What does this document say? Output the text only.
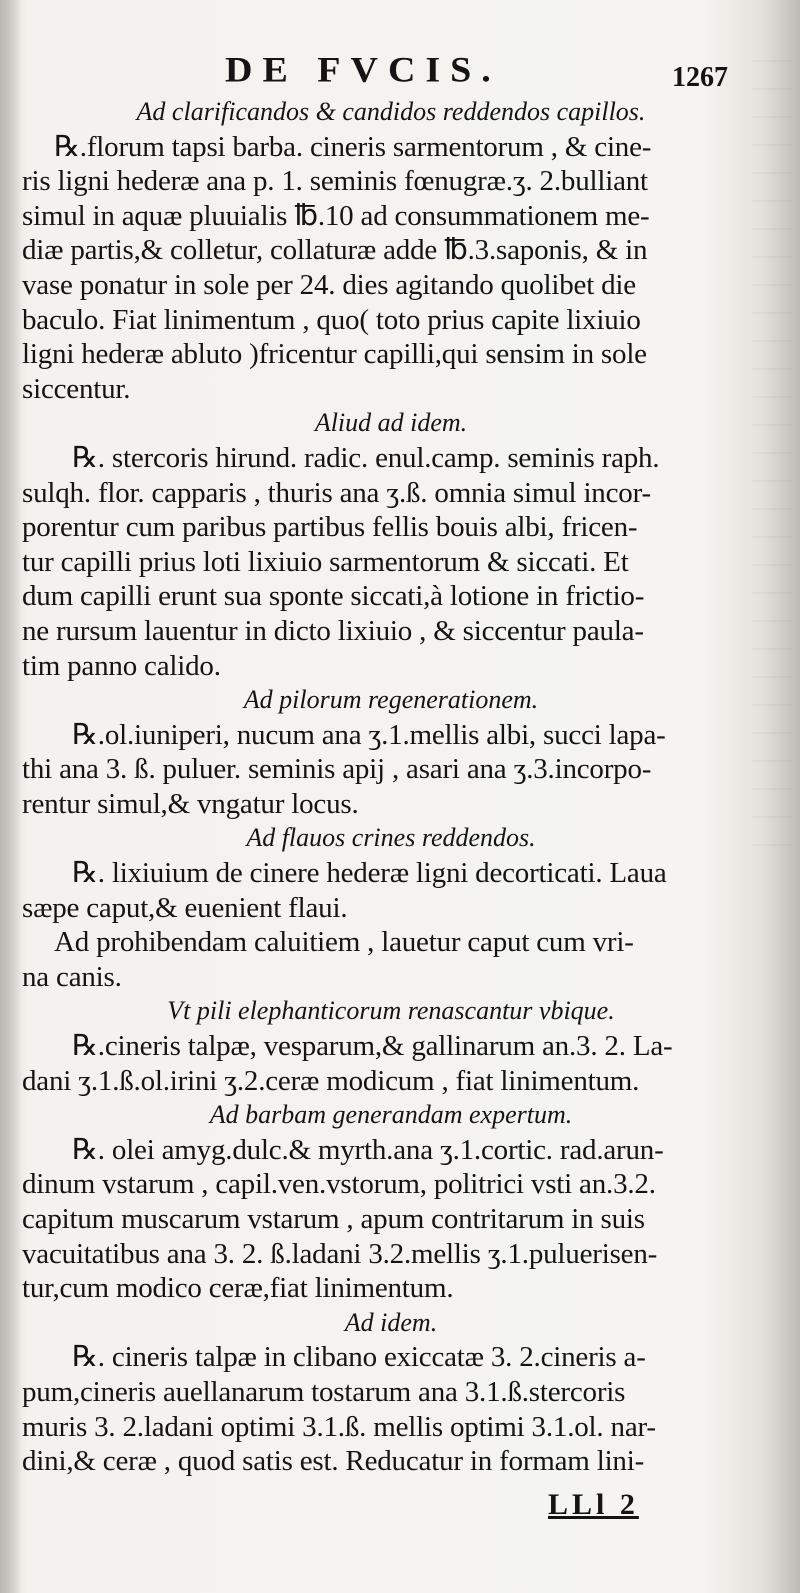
DE FVCIS.	1267
Ad clarificandos & candidos reddendos capillos.
℞.florum tapsi barba. cineris sarmentorum , & cine-
ris ligni hederæ ana p. 1. seminis fœnugræ.ʒ. 2.bulliant
simul in aquæ pluuialis ℔.10 ad consummationem me-
diæ partis,& colletur, collaturæ adde ℔.3.saponis, & in
vase ponatur in sole per 24. dies agitando quolibet die
baculo. Fiat linimentum , quo( toto prius capite lixiuio
ligni hederæ abluto )fricentur capilli,qui sensim in sole
siccentur.
Aliud ad idem.
℞. stercoris hirund. radic. enul.camp. seminis raph.
sulqh. flor. capparis , thuris ana ʒ.ß. omnia simul incor-
porentur cum paribus partibus fellis bouis albi, fricen-
tur capilli prius loti lixiuio sarmentorum & siccati. Et
dum capilli erunt sua sponte siccati,à lotione in frictio-
ne rursum lauentur in dicto lixiuio , & siccentur paula-
tim panno calido.
Ad pilorum regenerationem.
℞.ol.iuniperi, nucum ana ʒ.1.mellis albi, succi lapa-
thi ana 3. ß. puluer. seminis apij , asari ana ʒ.3.incorpo-
rentur simul,& vngatur locus.
Ad flauos crines reddendos.
℞. lixiuium de cinere hederæ ligni decorticati. Laua
sæpe caput,& euenient flaui.
Ad prohibendam caluitiem , lauetur caput cum vri-
na canis.
Vt pili elephanticorum renascantur vbique.
℞.cineris talpæ, vesparum,& gallinarum an.3. 2. La-
dani ʒ.1.ß.ol.irini ʒ.2.ceræ modicum , fiat linimentum.
Ad barbam generandam expertum.
℞. olei amyg.dulc.& myrth.ana ʒ.1.cortic. rad.arun-
dinum vstarum , capil.ven.vstorum, politrici vsti an.3.2.
capitum muscarum vstarum , apum contritarum in suis
vacuitatibus ana 3. 2. ß.ladani 3.2.mellis ʒ.1.puluerisen-
tur,cum modico ceræ,fiat linimentum.
Ad idem.
℞. cineris talpæ in clibano exiccatæ 3. 2.cineris a-
pum,cineris auellanarum tostarum ana 3.1.ß.stercoris
muris 3. 2.ladani optimi 3.1.ß. mellis optimi 3.1.ol. nar-
dini,& ceræ , quod satis est. Reducatur in formam lini-
LLl 2
